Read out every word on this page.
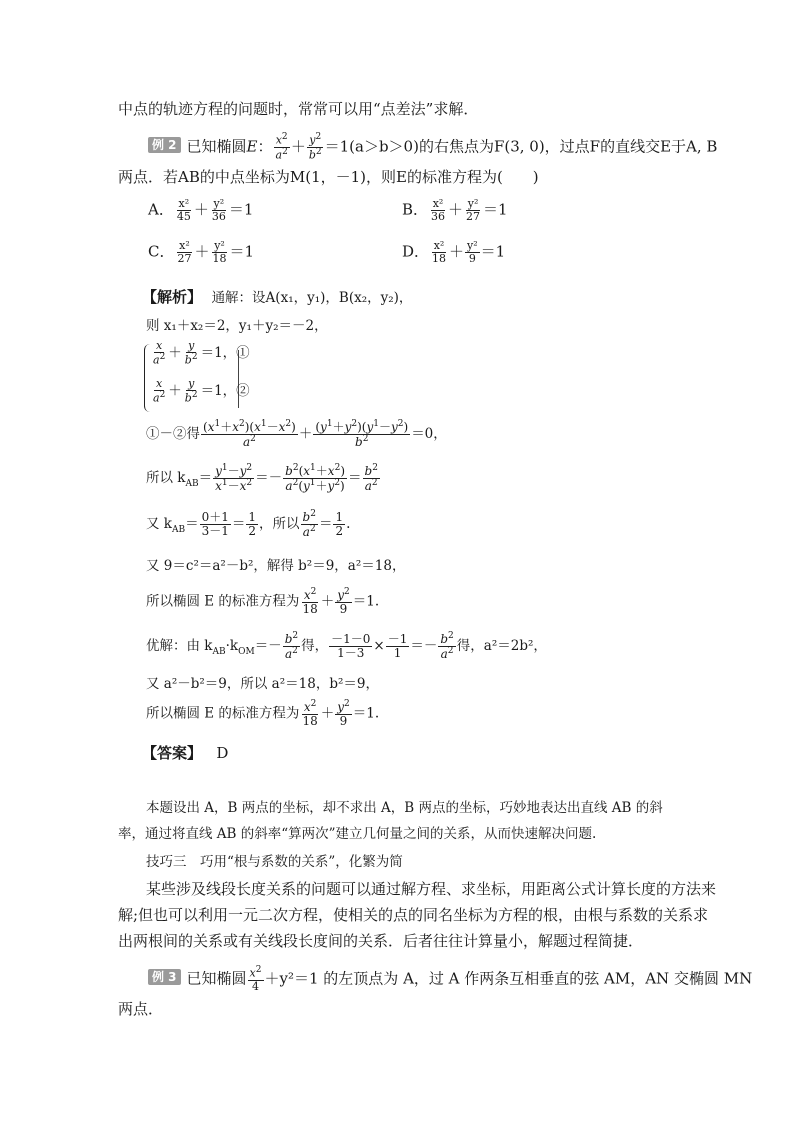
中点的轨迹方程的问题时，常常可以用“点差法”求解．
例 2 已知椭圆E： $\frac{x^2}{a^2} + \frac{y^2}{b^2} =1(a>b>0)$的右焦点为F(3, 0)，过点F的直线交E于A, B
两点．若AB的中点坐标为M(1，－1)，则E的标准方程为(　　)
A． $\frac{\text{x²}}{45} + \frac{\text{y²}}{36} =1$	B． $\frac{\text{x²}}{36} + \frac{\text{y²}}{27} =1$
C． $\frac{\text{x²}}{27} + \frac{\text{y²}}{18} =1$	D． $\frac{\text{x²}}{18} + \frac{\text{y²}}{9} =1$
【解析】 通解：设A(x₁，y₁)，B(x₂，y₂)，
则 x₁＋x₂＝2，y₁＋y₂＝－2，
$\frac{x}{a^2} + \frac{y}{b^2} =1$，①
$\frac{x}{a^2} + \frac{y}{b^2} =1$，②
①－②得 $\frac{(x^1+x^2)(x^1-x^2)}{a^2} + \frac{(y^1+y^2)(y^1-y^2)}{b^2} =0$，
所以 $k_{AB}= \frac{y^1-y^2}{x^1-x^2} =- \frac{b^2(x^1+x^2)}{a^2(y^1+y^2)} = \frac{b^2}{a^2}$
又 $k_{AB}= \frac{0+1}{3-1} = \frac{1}{2}$ ，所以 $\frac{b^2}{a^2} = \frac{1}{2}$ .
又 9＝c²＝a²－b²，解得 b²＝9，a²＝18，
所以椭圆 E 的标准方程为 $\frac{x^2}{18} + \frac{y^2}{9} =1$.
优解：由 $k_{AB}\cdot k_{OM}=- \frac{b^2}{a^2}$ 得， $\frac{-1-0}{1-3} \times \frac{-1}{1} =- \frac{b^2}{a^2}$ 得，a²＝2b²，
又 a²－b²＝9，所以 a²＝18，b²＝9，
所以椭圆 E 的标准方程为 $\frac{x^2}{18} + \frac{y^2}{9} =1$.
【答案】 D
本题设出 A，B 两点的坐标，却不求出 A，B 两点的坐标，巧妙地表达出直线 AB 的斜
率，通过将直线 AB 的斜率“算两次”建立几何量之间的关系，从而快速解决问题.
技巧三　巧用“根与系数的关系”，化繁为简
某些涉及线段长度关系的问题可以通过解方程、求坐标，用距离公式计算长度的方法来
解;但也可以利用一元二次方程，使相关的点的同名坐标为方程的根，由根与系数的关系求
出两根间的关系或有关线段长度间的关系．后者往往计算量小，解题过程简捷．
例 3 已知椭圆 $\frac{x^2}{4} +y^2=1$ 的左顶点为 A，过 A 作两条互相垂直的弦 AM，AN 交椭圆 MN
两点．
